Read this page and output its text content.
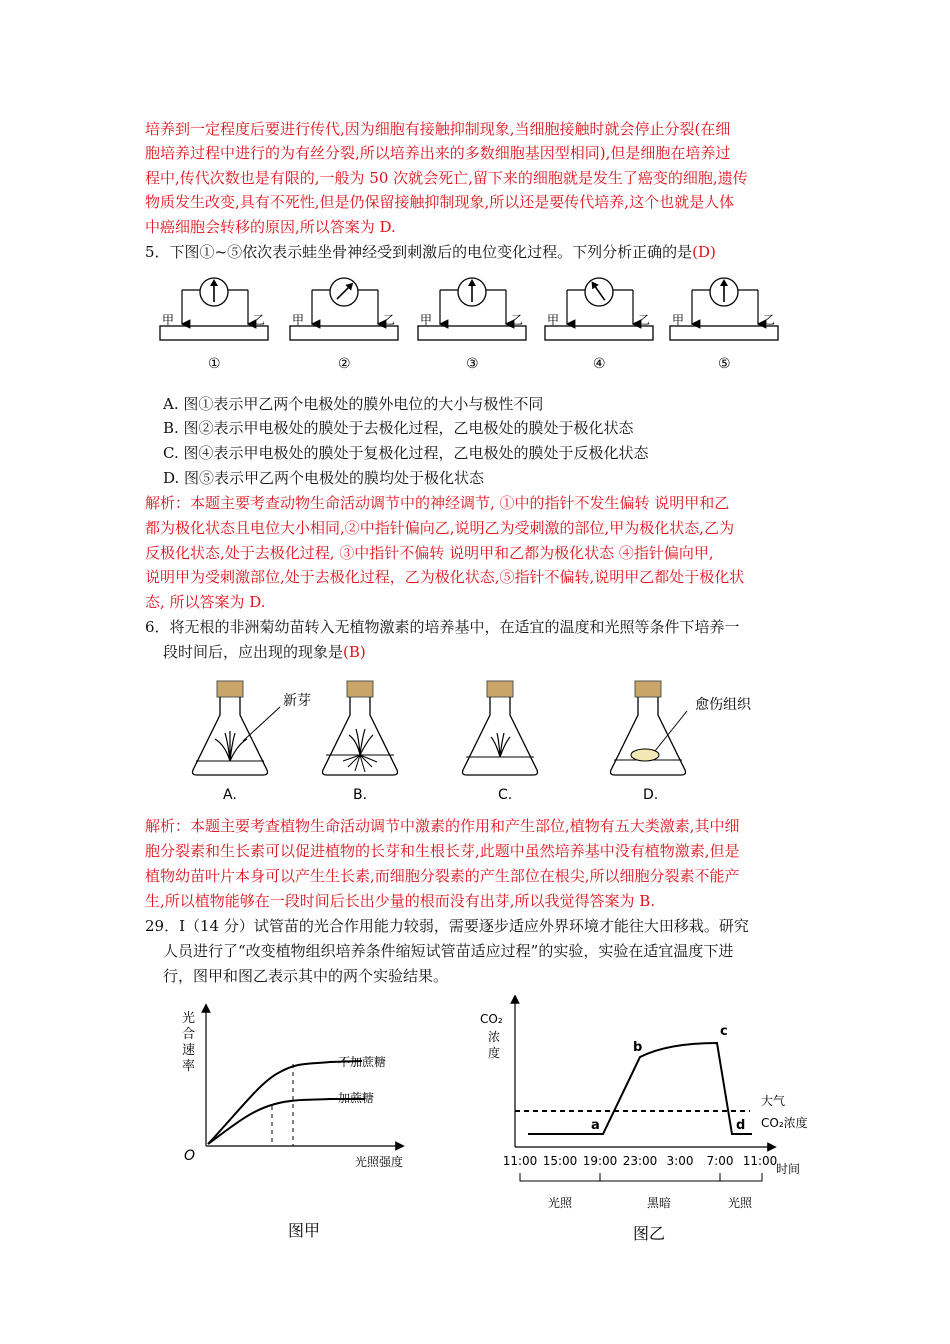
培养到一定程度后要进行传代,因为细胞有接触抑制现象,当细胞接触时就会停止分裂(在细
胞培养过程中进行的为有丝分裂,所以培养出来的多数细胞基因型相同),但是细胞在培养过
程中,传代次数也是有限的,一般为 50 次就会死亡,留下来的细胞就是发生了癌变的细胞,遗传
物质发生改变,具有不死性,但是仍保留接触抑制现象,所以还是要传代培养,这个也就是人体
中癌细胞会转移的原因,所以答案为 D.
5．下图①~⑤依次表示蛙坐骨神经受到刺激后的电位变化过程。下列分析正确的是(D)
甲	乙
①
甲	乙
②
甲	乙
③
甲	乙
④
甲	乙
⑤
A. 图①表示甲乙两个电极处的膜外电位的大小与极性不同
B. 图②表示甲电极处的膜处于去极化过程，乙电极处的膜处于极化状态
C. 图④表示甲电极处的膜处于复极化过程，乙电极处的膜处于反极化状态
D. 图⑤表示甲乙两个电极处的膜均处于极化状态
解析：本题主要考查动物生命活动调节中的神经调节, ①中的指针不发生偏转 说明甲和乙
都为极化状态且电位大小相同,②中指针偏向乙,说明乙为受刺激的部位,甲为极化状态,乙为
反极化状态,处于去极化过程, ③中指针不偏转 说明甲和乙都为极化状态 ④指针偏向甲,
说明甲为受刺激部位,处于去极化过程，乙为极化状态,⑤指针不偏转,说明甲乙都处于极化状
态, 所以答案为 D.
6．将无根的非洲菊幼苗转入无植物激素的培养基中，在适宜的温度和光照等条件下培养一
段时间后，应出现的现象是(B)
新芽
A.	B.	C.
愈伤组织
D.
解析：本题主要考查植物生命活动调节中激素的作用和产生部位,植物有五大类激素,其中细
胞分裂素和生长素可以促进植物的长芽和生根长芽,此题中虽然培养基中没有植物激素,但是
植物幼苗叶片本身可以产生生长素,而细胞分裂素的产生部位在根尖,所以细胞分裂素不能产
生,所以植物能够在一段时间后长出少量的根而没有出芽,所以我觉得答案为 B.
29．I（14 分）试管苗的光合作用能力较弱，需要逐步适应外界环境才能往大田移栽。研究
人员进行了“改变植物组织培养条件缩短试管苗适应过程”的实验，实验在适宜温度下进
行，图甲和图乙表示其中的两个实验结果。
光合速率
O	光照强度
不加蔗糖
加蔗糖
图甲
CO₂
浓
度
大气
CO₂浓度
a
b
c
d
11:00 15:00 19:00 23:00 3:00 7:00 11:00
时间
光照	黑暗	光照
图乙
